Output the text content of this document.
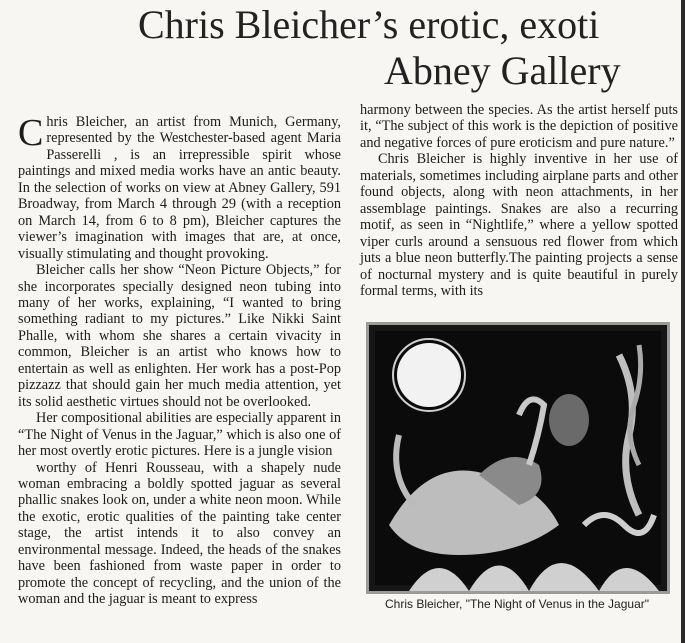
Chris Bleicher’s erotic, exoti
Abney Gallery

Chris Bleicher, an artist from Munich, Germany, represented by the Westchester-based agent Maria Passerelli , is an irrepressible spirit whose paintings and mixed media works have an antic beauty. In the selection of works on view at Abney Gallery, 591 Broadway, from March 4 through 29 (with a reception on March 14, from 6 to 8 pm), Bleicher captures the viewer’s imagination with images that are, at once, visually stimulating and thought provoking.

Bleicher calls her show “Neon Picture Objects,” for she incorporates specially designed neon tubing into many of her works, explaining, “I wanted to bring something radiant to my pictures.” Like Nikki Saint Phalle, with whom she shares a certain vivacity in common, Bleicher is an artist who knows how to entertain as well as enlighten. Her work has a post-Pop pizzazz that should gain her much media attention, yet its solid aesthetic virtues should not be overlooked.

Her compositional abilities are especially apparent in “The Night of Venus in the Jaguar,” which is also one of her most overtly erotic pictures. Here is a jungle vision

worthy of Henri Rousseau, with a shapely nude woman embracing a boldly spotted jaguar as several phallic snakes look on, under a white neon moon. While the exotic, erotic qualities of the painting take center stage, the artist intends it to also convey an environmental message. Indeed, the heads of the snakes have been fashioned from waste paper in order to promote the concept of recycling, and the union of the woman and the jaguar is meant to express

harmony between the species. As the artist herself puts it, “The subject of this work is the depiction of positive and negative forces of pure eroticism and pure nature.”

Chris Bleicher is highly inventive in her use of materials, sometimes including airplane parts and other found objects, along with neon attachments, in her assemblage paintings. Snakes are also a recurring motif, as seen in “Nightlife,” where a yellow spotted viper curls around a sensuous red flower from which juts a blue neon butterfly.The painting projects a sense of nocturnal mystery and is quite beautiful in purely formal terms, with its

Chris Bleicher, "The Night of Venus in the Jaguar"
